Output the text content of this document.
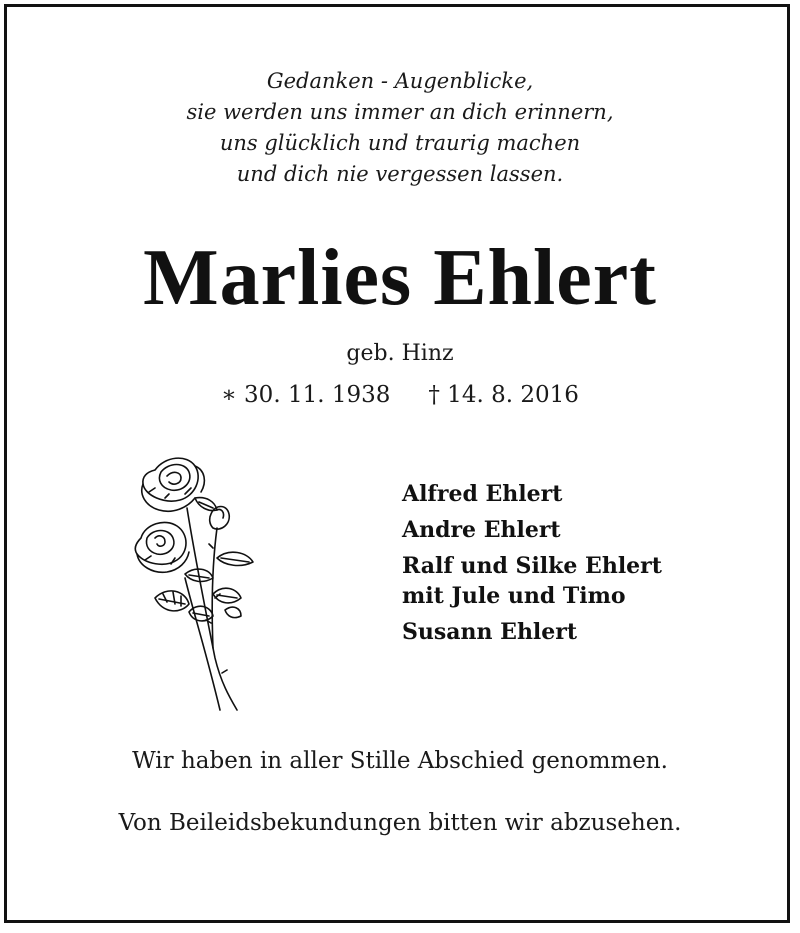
Gedanken - Augenblicke,
sie werden uns immer an dich erinnern,
uns glücklich und traurig machen
und dich nie vergessen lassen.
Marlies Ehlert
geb. Hinz
∗ 30. 11. 1938 † 14. 8. 2016
Alfred Ehlert
Andre Ehlert
Ralf und Silke Ehlert
mit Jule und Timo
Susann Ehlert
Wir haben in aller Stille Abschied genommen.
Von Beileidsbekundungen bitten wir abzusehen.
